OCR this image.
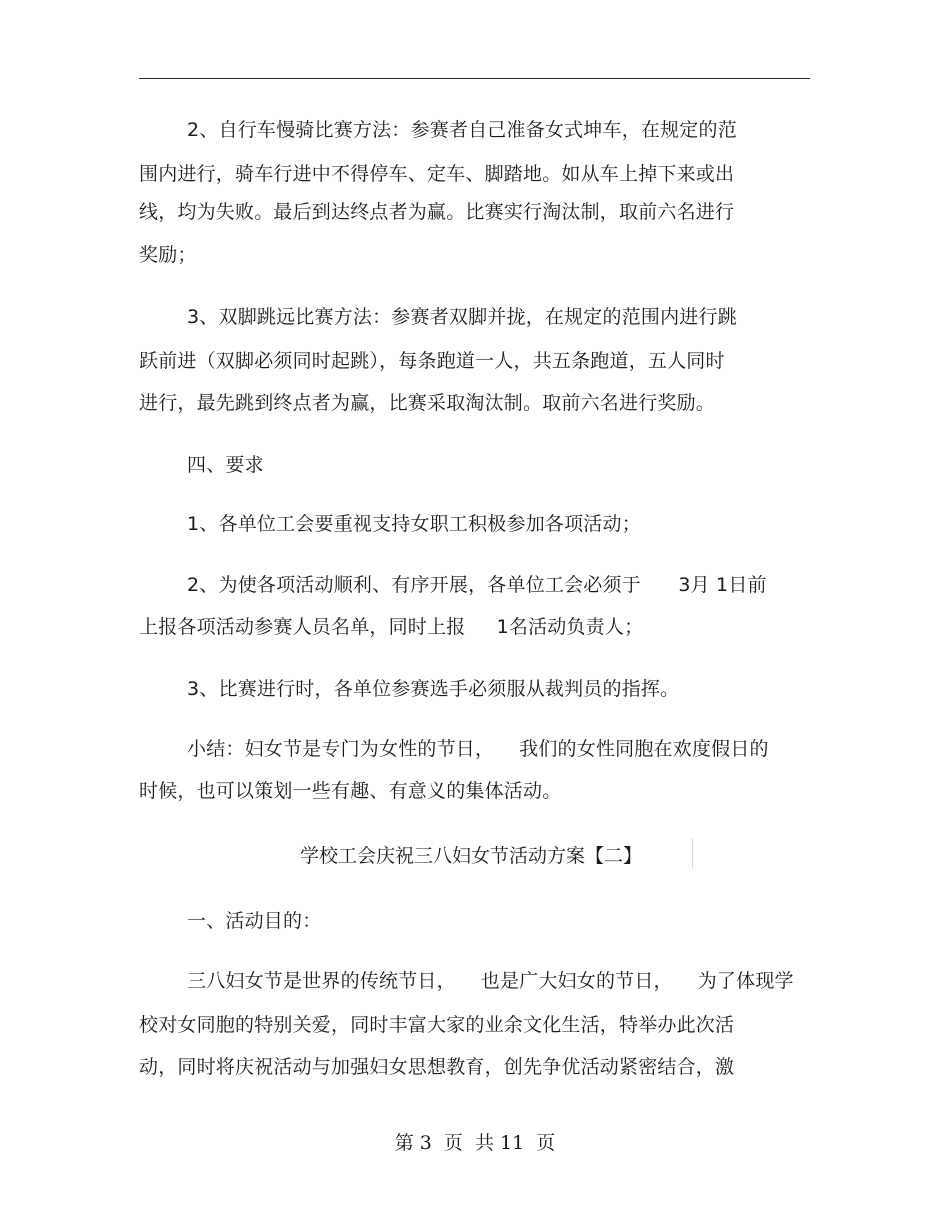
2、自行车慢骑比赛方法：参赛者自己准备女式坤车，在规定的范
围内进行，骑车行进中不得停车、定车、脚踏地。如从车上掉下来或出
线，均为失败。最后到达终点者为赢。比赛实行淘汰制，取前六名进行
奖励；
3、双脚跳远比赛方法：参赛者双脚并拢，在规定的范围内进行跳
跃前进（双脚必须同时起跳），每条跑道一人，共五条跑道，五人同时
进行，最先跳到终点者为赢，比赛采取淘汰制。取前六名进行奖励。
四、要求
1、各单位工会要重视支持女职工积极参加各项活动；
2、为使各项活动顺利、有序开展，各单位工会必须于      3月 1日前
上报各项活动参赛人员名单，同时上报     1名活动负责人；
3、比赛进行时，各单位参赛选手必须服从裁判员的指挥。
小结：妇女节是专门为女性的节日，    我们的女性同胞在欢度假日的
时候，也可以策划一些有趣、有意义的集体活动。
学校工会庆祝三八妇女节活动方案【二】
一、活动目的：
三八妇女节是世界的传统节日，    也是广大妇女的节日，    为了体现学
校对女同胞的特别关爱，同时丰富大家的业余文化生活，特举办此次活
动，同时将庆祝活动与加强妇女思想教育，创先争优活动紧密结合，激
第 3  页  共 11  页
